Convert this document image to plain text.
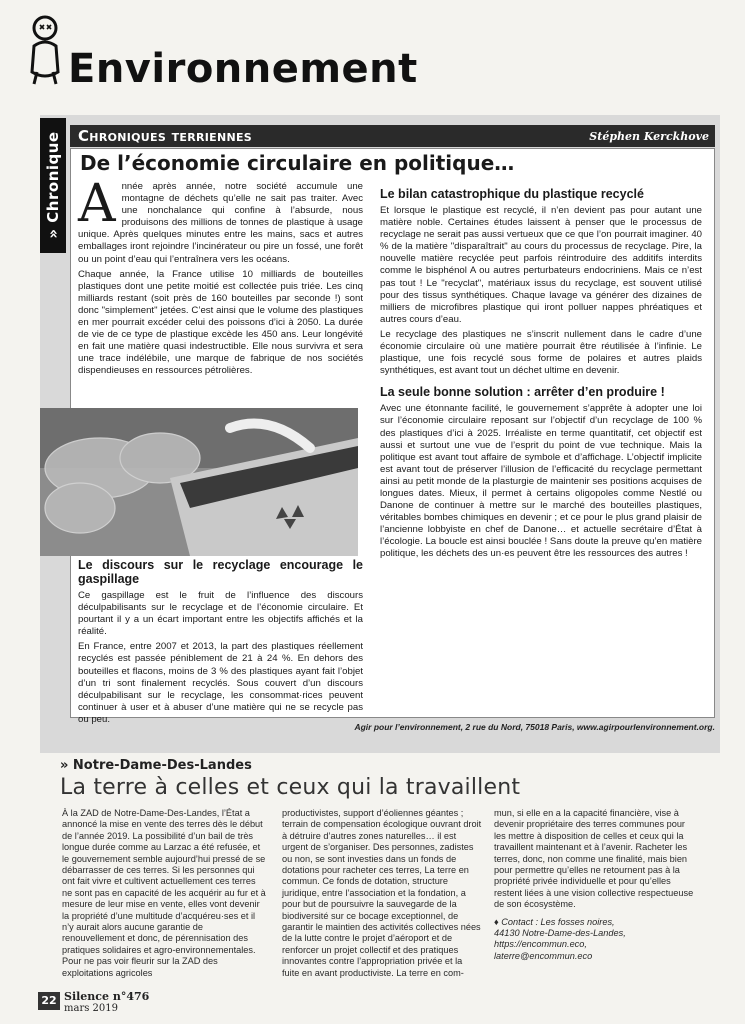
Environnement
» Chronique Chroniques terriennes	Stéphen Kerckhove
De l’économie circulaire en politique…

Année après année, notre société accumule une montagne de déchets qu’elle ne sait pas traiter. Avec une nonchalance qui confine à l’absurde, nous produisons des millions de tonnes de plastique à usage unique. Après quelques minutes entre les mains, sacs et autres emballages iront rejoindre l’incinérateur ou pire un fossé, une forêt ou un point d’eau qui l’entraînera vers les océans.

Chaque année, la France utilise 10 milliards de bouteilles plastiques dont une petite moitié est collectée puis triée. Les cinq milliards restant (soit près de 160 bouteilles par seconde !) sont donc "simplement" jetées. C’est ainsi que le volume des plastiques en mer pourrait excéder celui des poissons d’ici à 2050. La durée de vie de ce type de plastique excède les 450 ans. Leur longévité en fait une matière quasi indestructible. Elle nous survivra et sera une trace indélébile, une marque de fabrique de nos sociétés dispendieuses en ressources pétrolières.

Le discours sur le recyclage encourage le gaspillage

Ce gaspillage est le fruit de l’influence des discours déculpabilisants sur le recyclage et de l’économie circulaire. Et pourtant il y a un écart important entre les objectifs affichés et la réalité.

En France, entre 2007 et 2013, la part des plastiques réellement recyclés est passée péniblement de 21 à 24 %. En dehors des bouteilles et flacons, moins de 3 % des plastiques ayant fait l’objet d’un tri sont finalement recyclés. Sous couvert d’un discours déculpabilisant sur le recyclage, les consommat·rices peuvent continuer à user et à abuser d’une matière qui ne se recycle pas ou peu.

Le bilan catastrophique du plastique recyclé

Et lorsque le plastique est recyclé, il n’en devient pas pour autant une matière noble. Certaines études laissent à penser que le processus de recyclage ne serait pas aussi vertueux que ce que l’on pourrait imaginer. 40 % de la matière "disparaîtrait" au cours du processus de recyclage. Pire, la nouvelle matière recyclée peut parfois réintroduire des additifs interdits comme le bisphénol A ou autres perturbateurs endocriniens. Mais ce n’est pas tout ! Le "recyclat", matériaux issus du recyclage, est souvent utilisé pour des tissus synthétiques. Chaque lavage va générer des dizaines de milliers de microfibres plastique qui iront polluer nappes phréatiques et autres cours d’eau.

Le recyclage des plastiques ne s’inscrit nullement dans le cadre d’une économie circulaire où une matière pourrait être réutilisée à l’infinie. Le plastique, une fois recyclé sous forme de polaires et autres plaids synthétiques, est avant tout un déchet ultime en devenir.

La seule bonne solution : arrêter d’en produire !

Avec une étonnante facilité, le gouvernement s’apprête à adopter une loi sur l’économie circulaire reposant sur l’objectif d’un recyclage de 100 % des plastiques d’ici à 2025. Irréaliste en terme quantitatif, cet objectif est aussi et surtout une vue de l’esprit du point de vue technique. Mais la politique est avant tout affaire de symbole et d’affichage. L’objectif implicite est avant tout de préserver l’illusion de l’efficacité du recyclage permettant ainsi au petit monde de la plasturgie de maintenir ses positions acquises de longues dates. Mieux, il permet à certains oligopoles comme Nestlé ou Danone de continuer à mettre sur le marché des bouteilles plastiques, véritables bombes chimiques en devenir ; et ce pour le plus grand plaisir de l’ancienne lobbyiste en chef de Danone… et actuelle secrétaire d’État à l’écologie. La boucle est ainsi bouclée ! Sans doute la preuve qu’en matière politique, les déchets des un·es peuvent être les ressources des autres !

Agir pour l’environnement, 2 rue du Nord, 75018 Paris, www.agirpourlenvironnement.org.
» Notre-Dame-Des-Landes
La terre à celles et ceux qui la travaillent

À la ZAD de Notre-Dame-Des-Landes, l’État a annoncé la mise en vente des terres dès le début de l’année 2019. La possibilité d’un bail de très longue durée comme au Larzac a été refusée, et le gouvernement semble aujourd’hui pressé de se débarrasser de ces terres. Si les personnes qui ont fait vivre et cultivent actuellement ces terres ne sont pas en capacité de les acquérir au fur et à mesure de leur mise en vente, elles vont devenir la propriété d’une multitude d’acquéreu·ses et il n’y aurait alors aucune garantie de renouvellement et donc, de pérennisation des pratiques solidaires et agro-environnementales. Pour ne pas voir fleurir sur la ZAD des exploitations agricoles

productivistes, support d’éoliennes géantes ; terrain de compensation écologique ouvrant droit à détruire d’autres zones naturelles… il est urgent de s’organiser. Des personnes, zadistes ou non, se sont investies dans un fonds de dotations pour racheter ces terres, La terre en commun. Ce fonds de dotation, structure juridique, entre l’association et la fondation, a pour but de poursuivre la sauvegarde de la biodiversité sur ce bocage exceptionnel, de garantir le maintien des activités collectives nées de la lutte contre le projet d’aéroport et de renforcer un projet collectif et des pratiques innovantes contre l’appropriation privée et la fuite en avant productiviste. La terre en com-

mun, si elle en a la capacité financière, vise à devenir propriétaire des terres communes pour les mettre à disposition de celles et ceux qui la travaillent maintenant et à l’avenir. Racheter les terres, donc, non comme une finalité, mais bien pour permettre qu’elles ne retournent pas à la propriété privée individuelle et pour qu’elles restent liées à une vision collective respectueuse de son écosystème.

♦ Contact : Les fosses noires,

44130 Notre-Dame-des-Landes,

https://encommun.eco,

laterre@encommun.eco

22 Silence n°476
mars 2019
